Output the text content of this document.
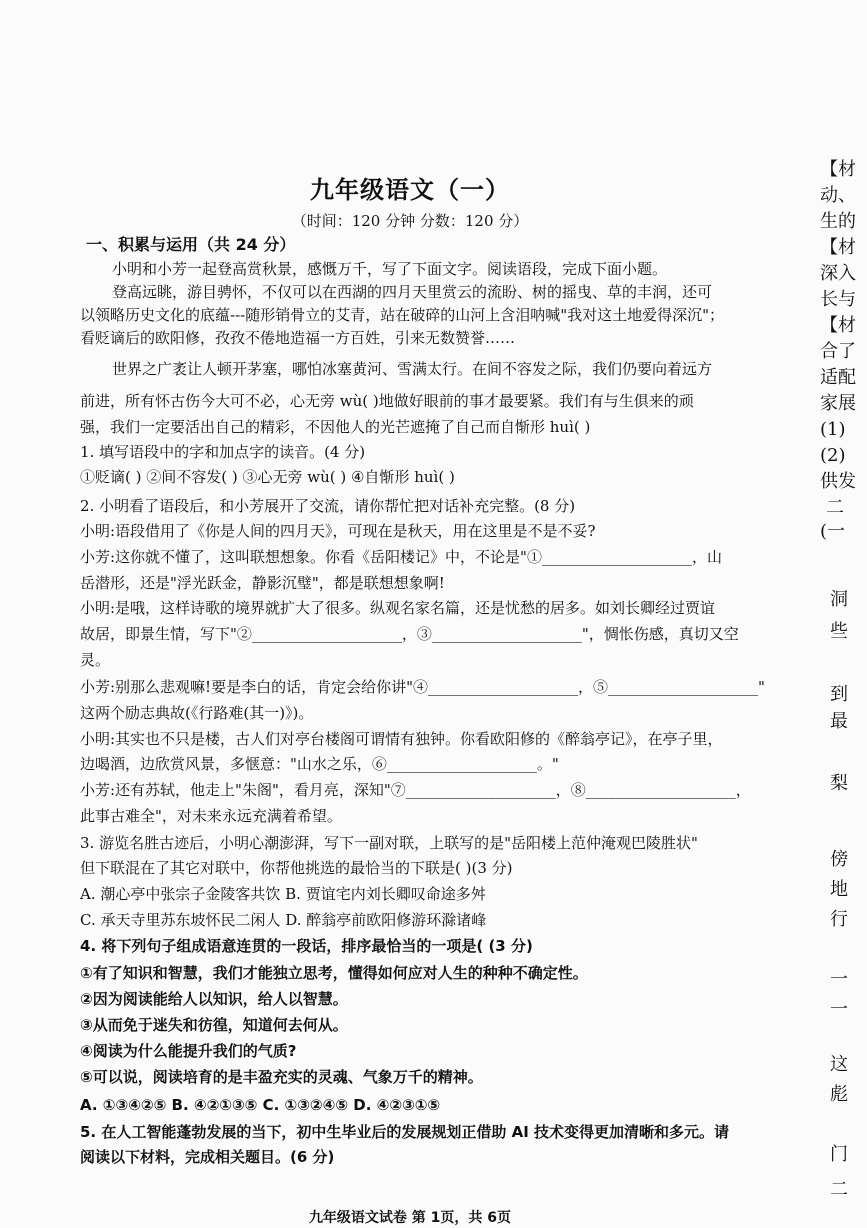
九年级语文（一）
（时间：120 分钟 分数：120 分）
一、积累与运用（共 24 分）
小明和小芳一起登高赏秋景，感慨万千，写了下面文字。阅读语段，完成下面小题。
登高远眺，游目骋怀，不仅可以在西湖的四月天里赏云的流盼、树的摇曳、草的丰润，还可
以领略历史文化的底蕴---随形销骨立的艾青，站在破碎的山河上含泪呐喊"我对这土地爱得深沉"；
看贬谪后的欧阳修，孜孜不倦地造福一方百姓，引来无数赞誉……
世界之广袤让人顿开茅塞，哪怕冰塞黄河、雪满太行。在间不容发之际，我们仍要向着远方
前进，所有怀古伤今大可不必，心无旁 wù( )地做好眼前的事才最要紧。我们有与生俱来的顽
强，我们一定要活出自己的精彩，不因他人的光芒遮掩了自己而自惭形 huì( )
1. 填写语段中的字和加点字的读音。(4 分)
①贬谪( ) ②间不容发( ) ③心无旁 wù( ) ④自惭形 huì( )
2. 小明看了语段后，和小芳展开了交流，请你帮忙把对话补充完整。(8 分)
小明:语段借用了《你是人间的四月天》，可现在是秋天，用在这里是不是不妥?
小芳:这你就不懂了，这叫联想想象。你看《岳阳楼记》中，不论是"①____________________，山
岳潜形，还是"浮光跃金，静影沉璧"，都是联想想象啊!
小明:是哦，这样诗歌的境界就扩大了很多。纵观名家名篇，还是忧愁的居多。如刘长卿经过贾谊
故居，即景生情，写下"②____________________，③____________________"，惆怅伤感，真切又空
灵。
小芳:别那么悲观嘛!要是李白的话，肯定会给你讲"④____________________，⑤____________________"
这两个励志典故(《行路难(其一)》)。
小明:其实也不只是楼，古人们对亭台楼阁可谓情有独钟。你看欧阳修的《醉翁亭记》，在亭子里，
边喝酒，边欣赏风景，多惬意："山水之乐，⑥____________________。"
小芳:还有苏轼，他走上"朱阁"，看月亮，深知"⑦____________________，⑧____________________，
此事古难全"，对未来永远充满着希望。
3. 游览名胜古迹后，小明心潮澎湃，写下一副对联，上联写的是"岳阳楼上范仲淹观巴陵胜状"
但下联混在了其它对联中，你帮他挑选的最恰当的下联是( )(3 分)
A. 潮心亭中张宗子金陵客共饮 B. 贾谊宅内刘长卿叹命途多舛
C. 承天寺里苏东坡怀民二闲人 D. 醉翁亭前欧阳修游环滁诸峰
4. 将下列句子组成语意连贯的一段话，排序最恰当的一项是( (3 分)
①有了知识和智慧，我们才能独立思考，懂得如何应对人生的种种不确定性。
②因为阅读能给人以知识，给人以智慧。
③从而免于迷失和彷徨，知道何去何从。
④阅读为什么能提升我们的气质?
⑤可以说，阅读培育的是丰盈充实的灵魂、气象万千的精神。
A. ①③④②⑤ B. ④②①③⑤ C. ①③②④⑤ D. ④②③①⑤
5. 在人工智能蓬勃发展的当下，初中生毕业后的发展规划正借助 AI 技术变得更加清晰和多元。请
阅读以下材料，完成相关题目。(6 分)
九年级语文试卷 第 1页，共 6页
【材
动、
生的
【材
深入
长与
【材
合了
适配
家展
(1)
(2)
供发
二
(一
洞
些
到
最
梨
傍
地
行
一
一
这
彪
门
二
